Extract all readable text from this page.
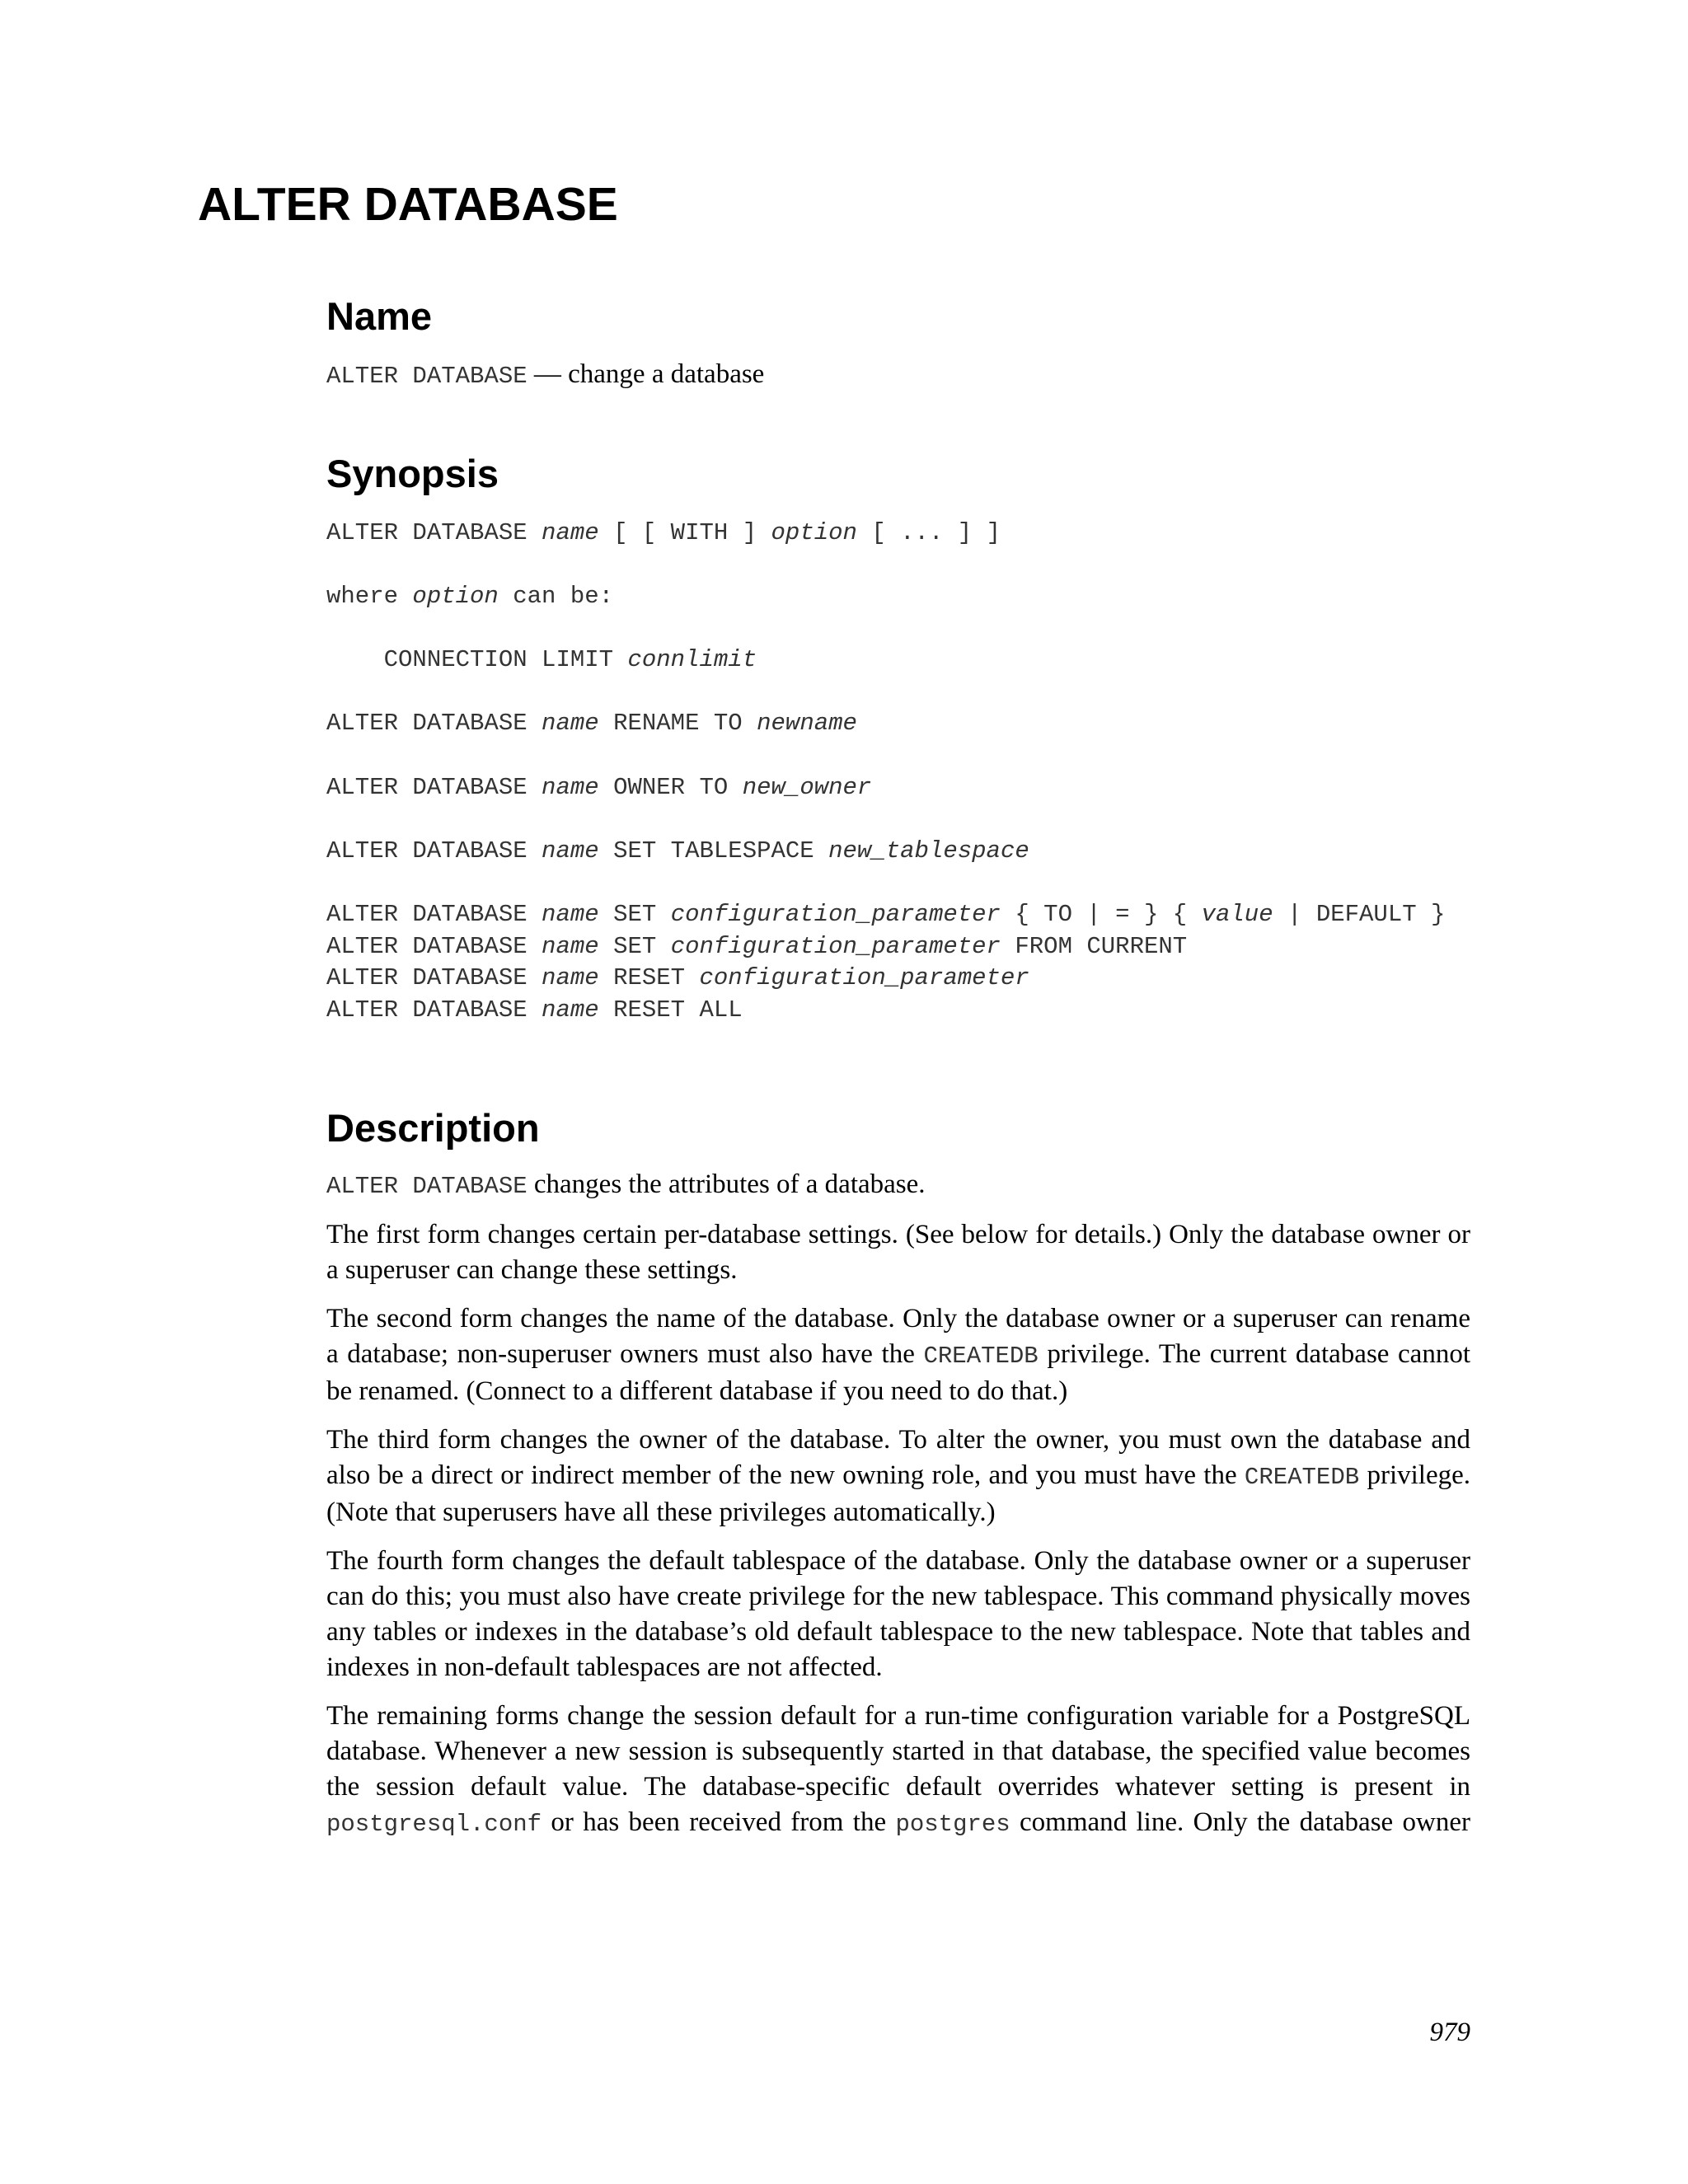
ALTER DATABASE
Name
ALTER DATABASE — change a database
Synopsis
ALTER DATABASE name [ [ WITH ] option [ ... ] ]

where option can be:

CONNECTION LIMIT connlimit

ALTER DATABASE name RENAME TO newname

ALTER DATABASE name OWNER TO new_owner

ALTER DATABASE name SET TABLESPACE new_tablespace

ALTER DATABASE name SET configuration_parameter { TO | = } { value | DEFAULT }
ALTER DATABASE name SET configuration_parameter FROM CURRENT
ALTER DATABASE name RESET configuration_parameter
ALTER DATABASE name RESET ALL
Description

ALTER DATABASE changes the attributes of a database.

The first form changes certain per-database settings. (See below for details.) Only the database owner or a superuser can change these settings.

The second form changes the name of the database. Only the database owner or a superuser can rename a database; non-superuser owners must also have the CREATEDB privilege. The current database cannot be renamed. (Connect to a different database if you need to do that.)

The third form changes the owner of the database. To alter the owner, you must own the database and also be a direct or indirect member of the new owning role, and you must have the CREATEDB privilege. (Note that superusers have all these privileges automatically.)

The fourth form changes the default tablespace of the database. Only the database owner or a superuser can do this; you must also have create privilege for the new tablespace. This command physically moves any tables or indexes in the database’s old default tablespace to the new tablespace. Note that tables and indexes in non-default tablespaces are not affected.

The remaining forms change the session default for a run-time configuration variable for a PostgreSQL database. Whenever a new session is subsequently started in that database, the specified value becomes the session default value. The database-specific default overrides whatever setting is present in postgresql.conf or has been received from the postgres command line. Only the database owner

979
